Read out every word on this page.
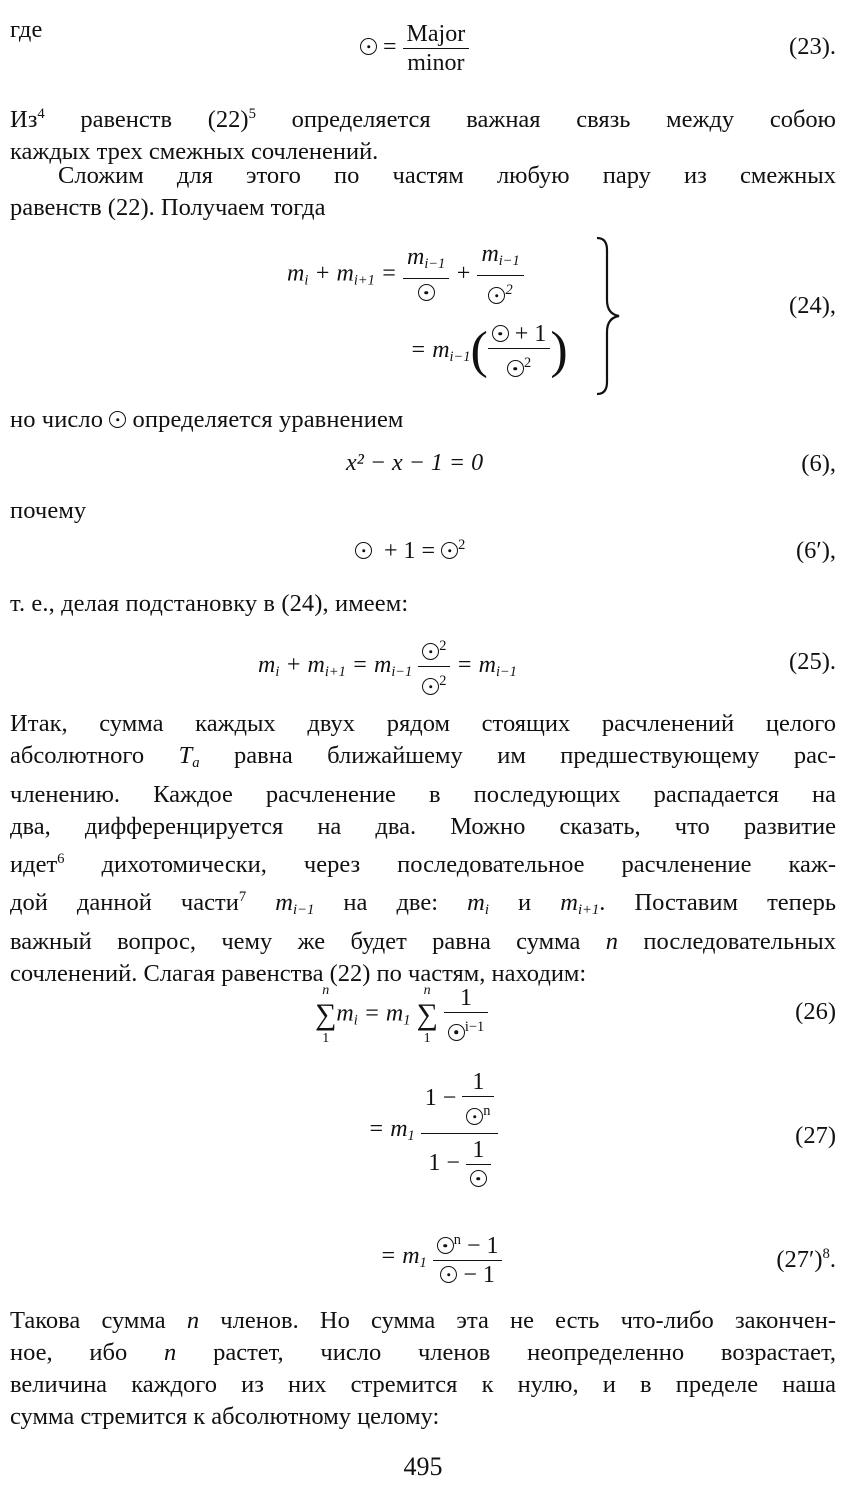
где
= $\frac{\text{Major}}{\text{minor}}$	(23).
$Из^4$ равенств $(22)^5$ определяется важная связь между собою
каждых трех смежных сочленений.
Сложим для этого по частям любую пару из смежных
равенств (22). Получаем тогда
$m_i + m_{i+1}$ =
$m_{i-1} + \frac{m_{i-1}}{^2}$
= $m_{i-1}( \frac{+ 1}{^2}$ )
(24),
но число определяется уравнением
x² − x − 1 = 0	(6),
почему
+ 1 = $^2$	(6′),
т. е., делая подстановку в (24), имеем:
$m_i + m_{i+1} = m_{i-1} \frac{^2}{^2} = m_{i-1}$	(25).
Итак, сумма каждых двух рядом стоящих расчленений целого
абсолютного $T_a$ равна ближайшему им предшествующему рас-
членению. Каждое расчленение в последующих распадается на
два, дифференцируется на два. Можно сказать, что развитие
идет$^6$ дихотомически, через последовательное расчленение каж-
дой данной части$^7$ $m_{i-1}$ на две: $m_i$ и $m_{i+1}$. Поставим теперь
важный вопрос, чему же будет равна сумма n последовательных
сочленений. Слагая равенства (22) по частям, находим:
n
∑
1
$m_i = m_1$
n
∑
1
$\frac{1}{^{i-1}}$	(26)
= $m_1$ $1 - \frac{1}{^n}$
1 −
1	(27)
= $m_1 \frac{^n - 1}{- 1}$	$(27')^8$.
Такова сумма n членов. Но сумма эта не есть что-либо закончен-
ное, ибо n растет, число членов неопределенно возрастает,
величина каждого из них стремится к нулю, и в пределе наша
сумма стремится к абсолютному целому:
495
